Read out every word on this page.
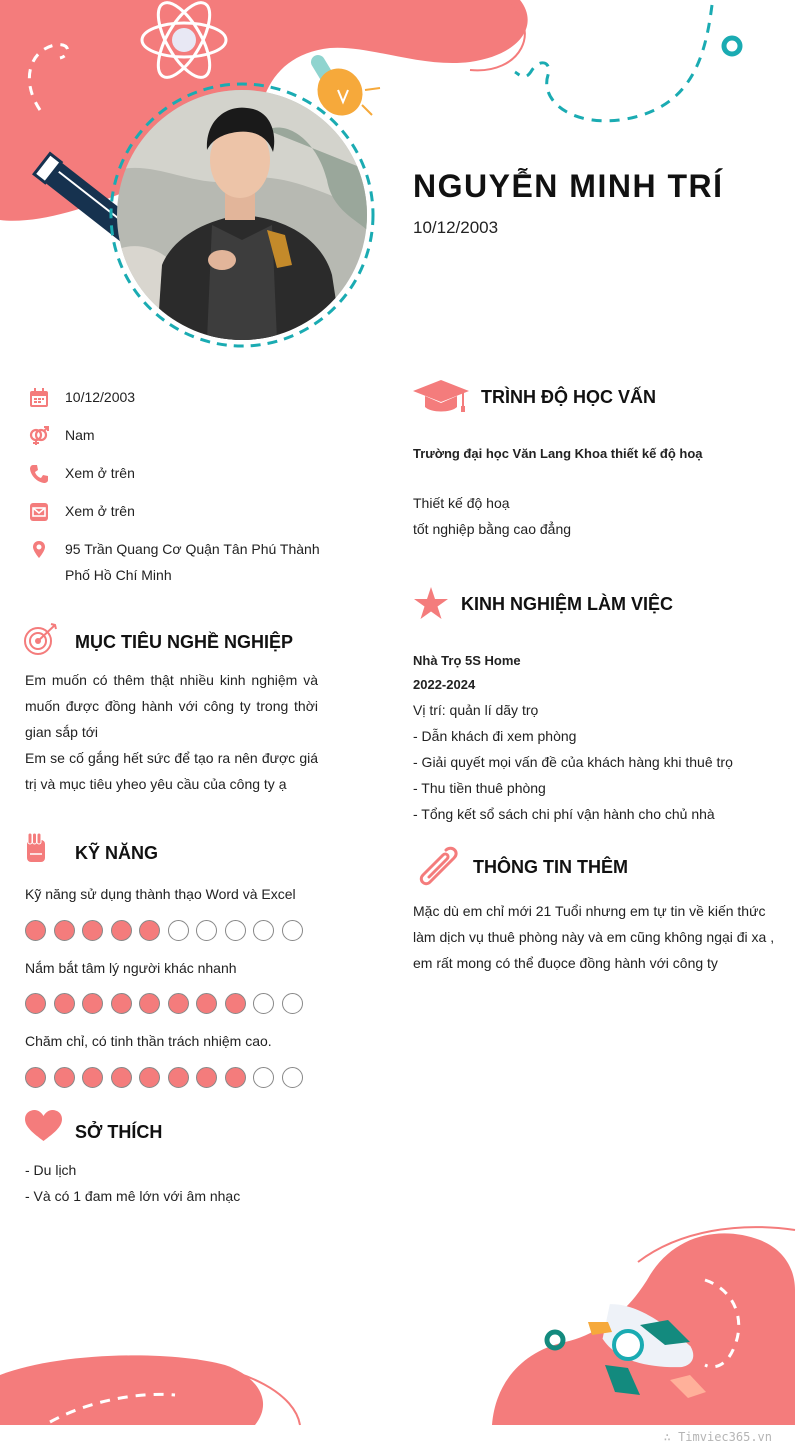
NGUYỄN MINH TRÍ
10/12/2003
10/12/2003
Nam
Xem ở trên
Xem ở trên
95 Trần Quang Cơ Quận Tân Phú Thành Phố Hồ Chí Minh
MỤC TIÊU NGHỀ NGHIỆP
Em muốn có thêm thật nhiều kinh nghiệm và muốn được đồng hành với công ty trong thời gian sắp tới
Em se cố gắng hết sức để tạo ra nên được giá trị và mục tiêu yheo yêu cầu của công ty ạ
KỸ NĂNG
Kỹ năng sử dụng thành thạo Word và Excel
Nắm bắt tâm lý người khác nhanh
Chăm chỉ, có tinh thần trách nhiệm cao.
SỞ THÍCH
- Du lịch
- Và có 1 đam mê lớn với âm nhạc
TRÌNH ĐỘ HỌC VẤN
Trường đại học Văn Lang Khoa thiết kế độ hoạ
Thiết kế độ hoạ
tốt nghiệp bằng cao đẳng
KINH NGHIỆM LÀM VIỆC
Nhà Trọ 5S Home
2022-2024
Vị trí: quản lí dãy trọ
- Dẫn khách đi xem phòng
- Giải quyết mọi vấn đề của khách hàng khi thuê trọ
- Thu tiền thuê phòng
- Tổng kết sổ sách chi phí vận hành cho chủ nhà
THÔNG TIN THÊM
Mặc dù em chỉ mới 21 Tuổi nhưng em tự tin về kiến thức làm dịch vụ thuê phòng này và em cũng không ngại đi xa , em rất mong có thể đuọce đồng hành với công ty
∴ Timviec365.vn
